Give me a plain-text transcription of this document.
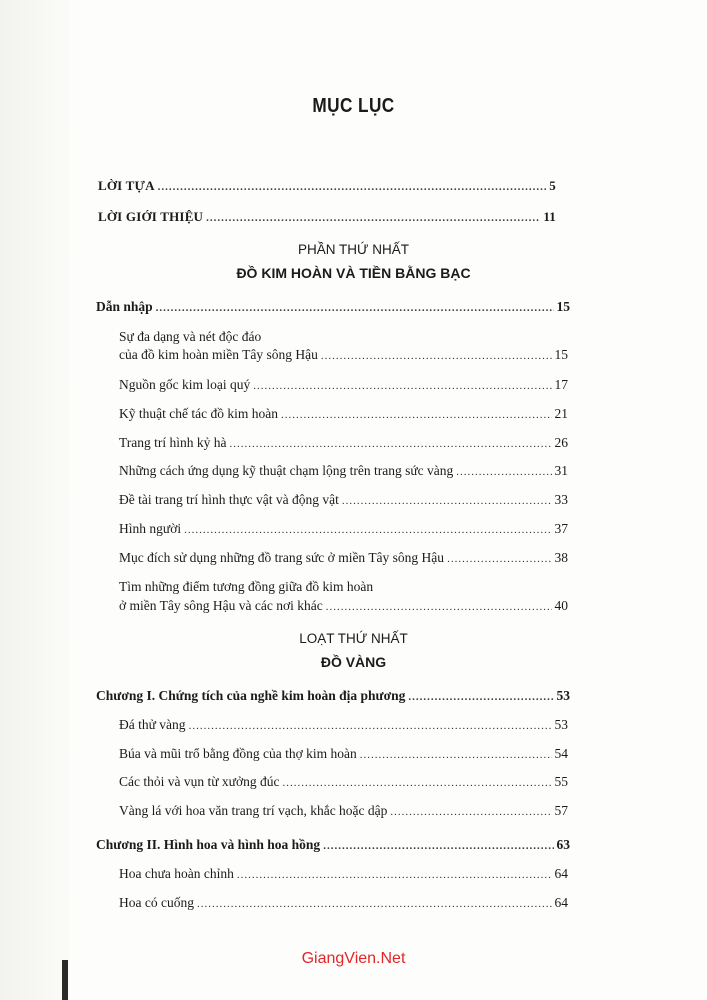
MỤC LỤC
LỜI TỰA .....	5
LỜI GIỚI THIỆU .....	11
PHẦN THỨ NHẤT
ĐỒ KIM HOÀN VÀ TIỀN BẰNG BẠC
Dẫn nhập .....	15
Sự đa dạng và nét độc đáo
của đồ kim hoàn miền Tây sông Hậu .....	15
Nguồn gốc kim loại quý .....	17
Kỹ thuật chế tác đồ kim hoàn .....	21
Trang trí hình kỷ hà .....	26
Những cách ứng dụng kỹ thuật chạm lộng trên trang sức vàng .....	31
Đề tài trang trí hình thực vật và động vật .....	33
Hình người .....	37
Mục đích sử dụng những đồ trang sức ở miền Tây sông Hậu .....	38
Tìm những điểm tương đồng giữa đồ kim hoàn
ở miền Tây sông Hậu và các nơi khác .....	40
LOẠT THỨ NHẤT
ĐỒ VÀNG
Chương I. Chứng tích của nghề kim hoàn địa phương .....	53
Đá thử vàng .....	53
Búa và mũi trổ bằng đồng của thợ kim hoàn .....	54
Các thỏi và vụn từ xưởng đúc .....	55
Vàng lá với hoa văn trang trí vạch, khắc hoặc dập .....	57
Chương II. Hình hoa và hình hoa hồng .....	63
Hoa chưa hoàn chỉnh .....	64
Hoa có cuống .....	64
GiangVien.Net
